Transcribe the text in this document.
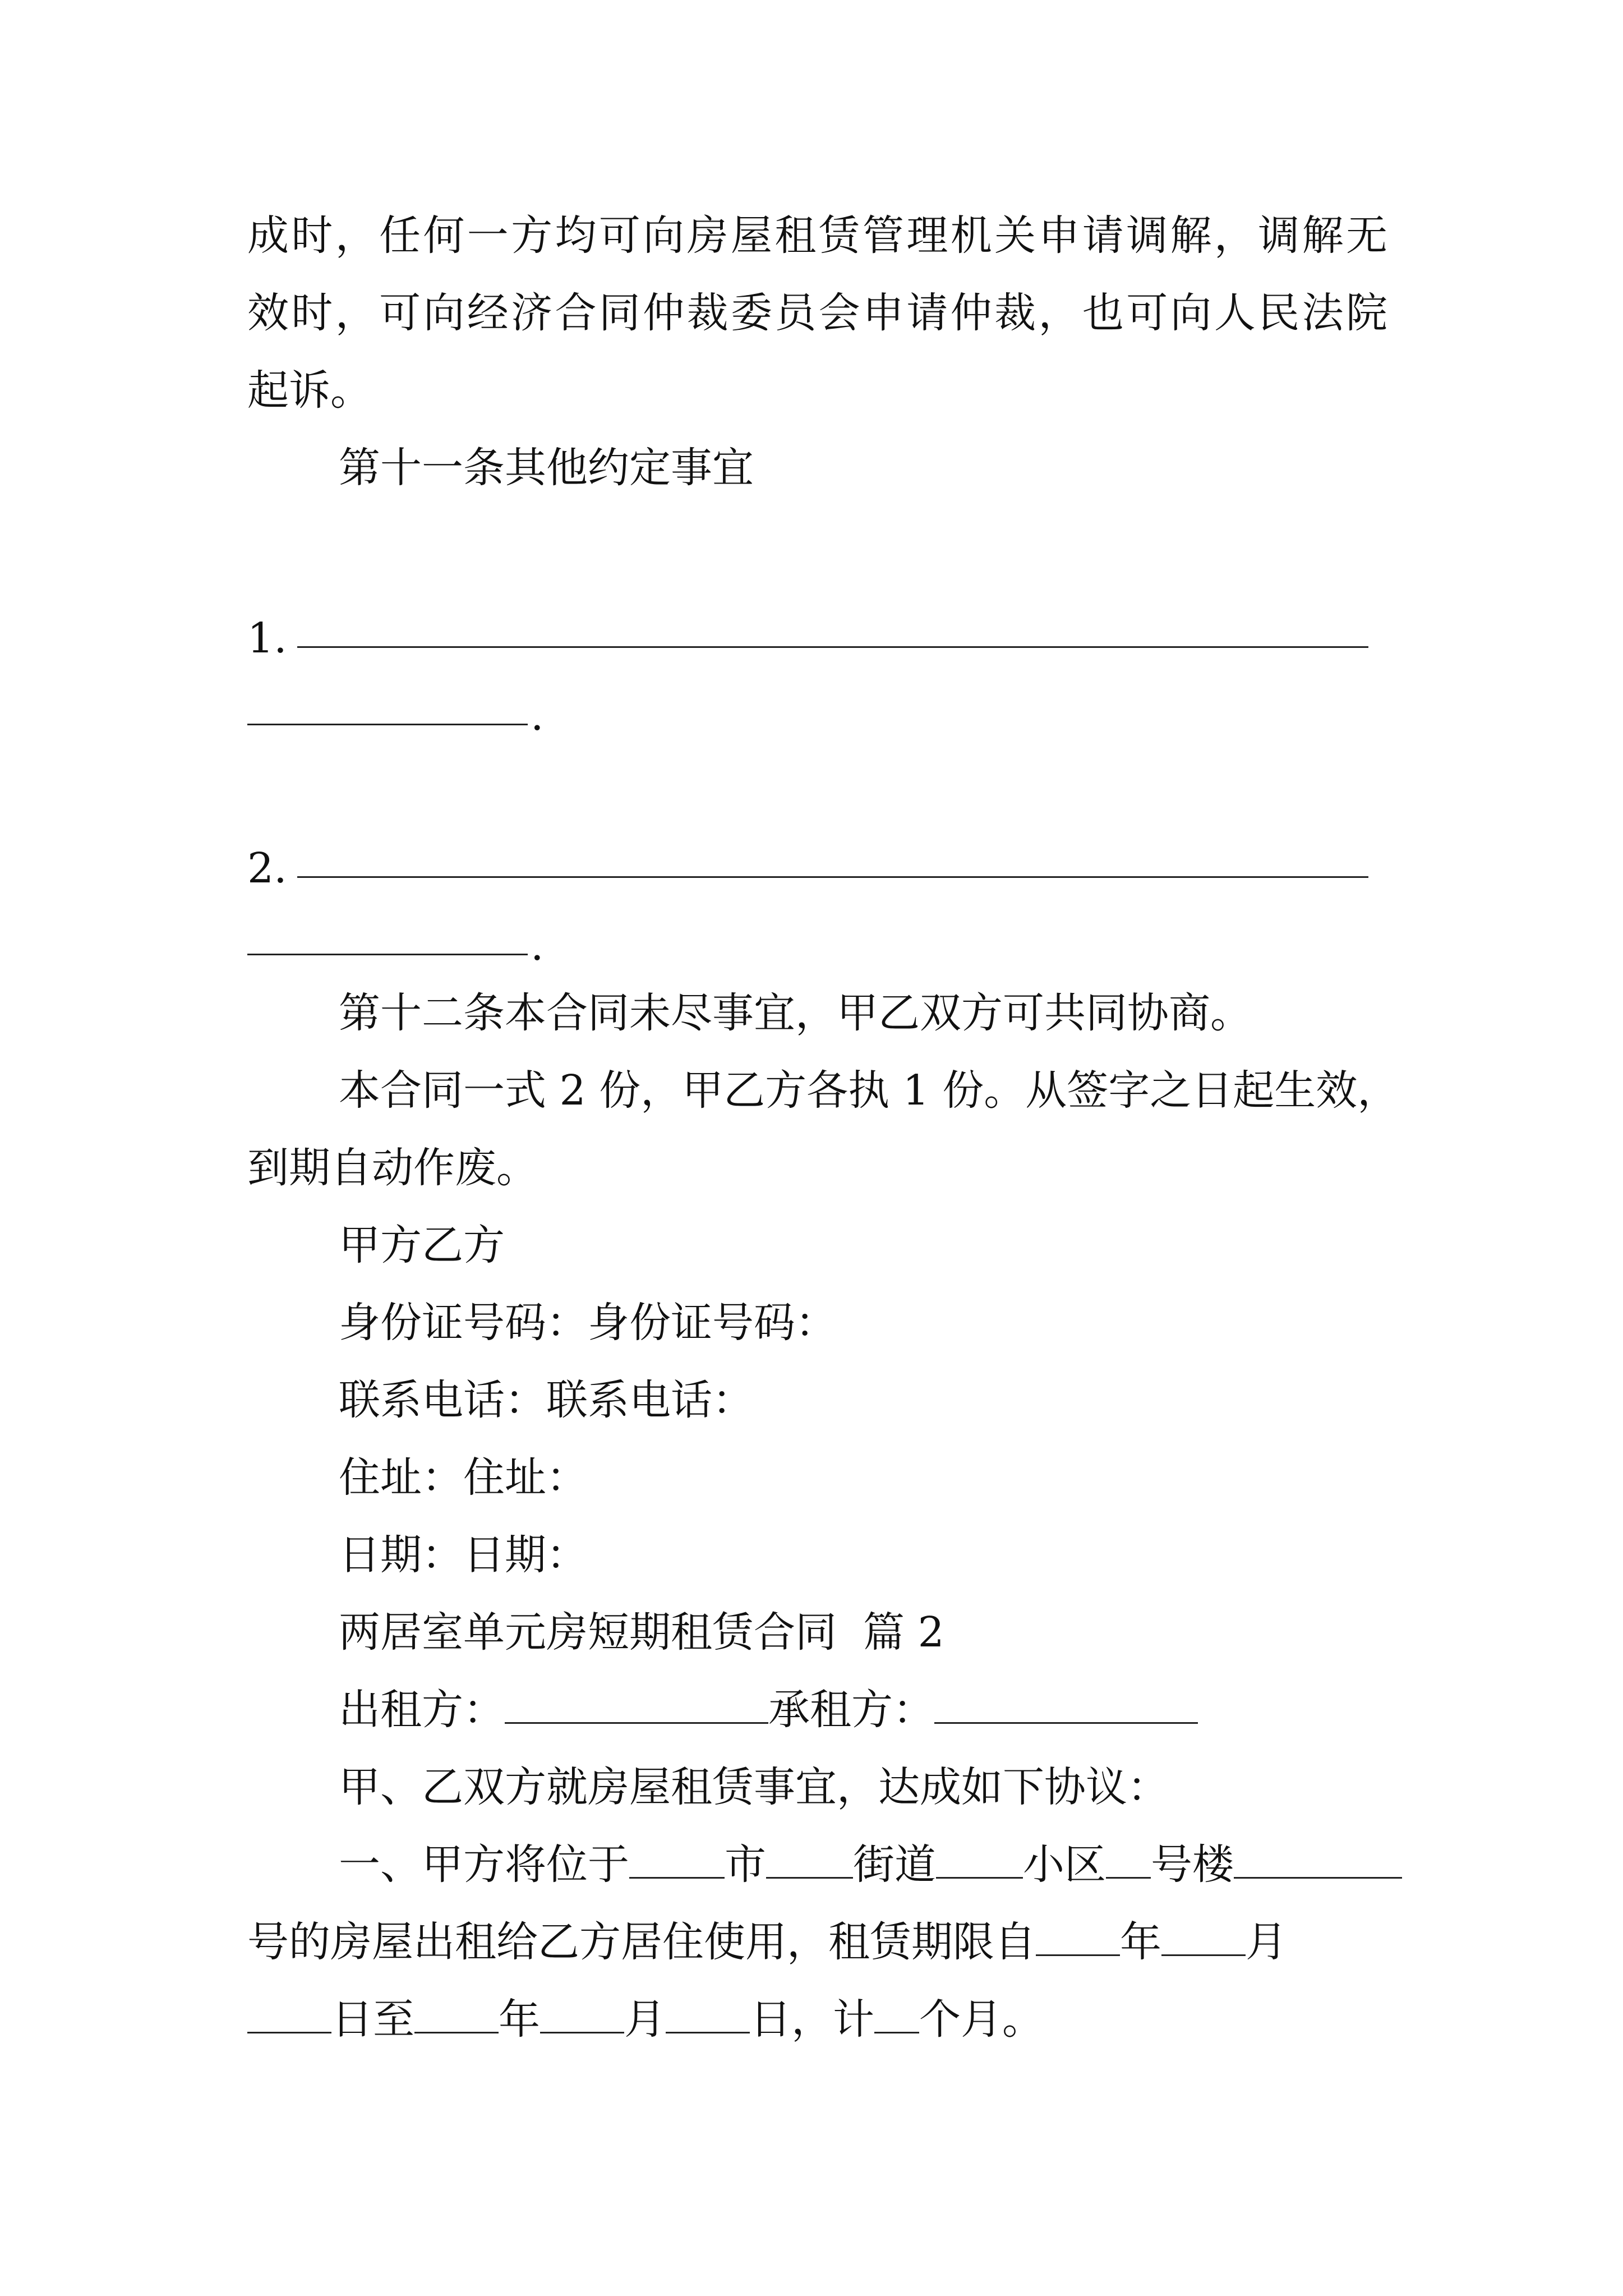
成时，任何一方均可向房屋租赁管理机关申请调解，调解无
效时，可向经济合同仲裁委员会申请仲裁，也可向人民法院
起诉。
第十一条其他约定事宜
1.
.
2.
.
第十二条本合同未尽事宜，甲乙双方可共同协商。
本合同一式 2 份，甲乙方各执 1 份。从签字之日起生效，
到期自动作废。
甲方乙方
身份证号码：身份证号码：
联系电话：联系电话：
住址：住址：
日期：日期：
两居室单元房短期租赁合同  篇 2
出租方：	承租方：
甲、乙双方就房屋租赁事宜，达成如下协议：
一、甲方将位于 市 街道 小区 号楼
号的房屋出租给乙方居住使用，租赁期限自 年 月
日至 年 月 日，计 个月。
